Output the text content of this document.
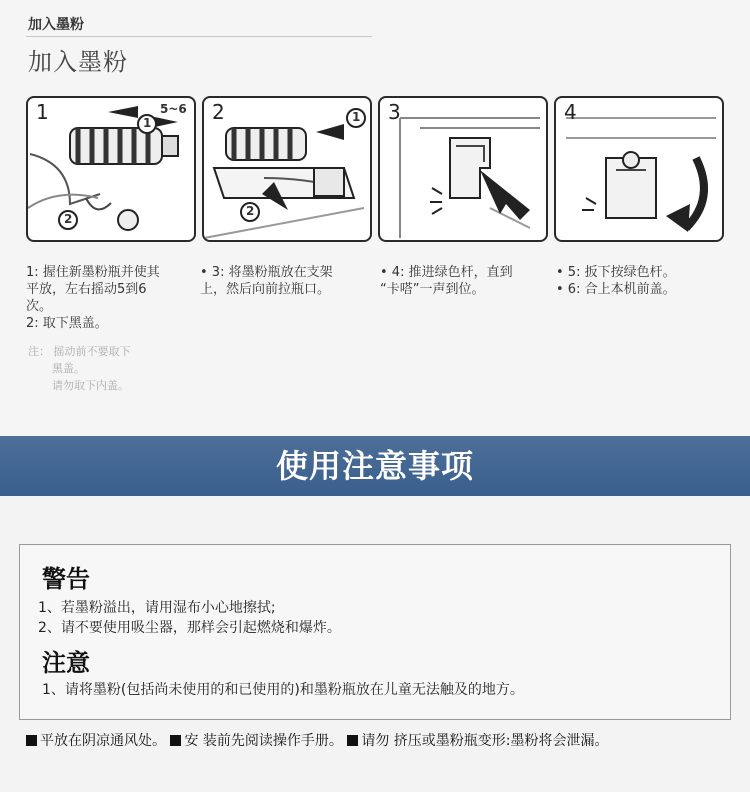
加入墨粉
加入墨粉
1	1
2
5~6 2	1
2
3	4
1: 握住新墨粉瓶并使其
平放，左右摇动5到6
次。
2: 取下黑盖。
• 3: 将墨粉瓶放在支架
上，然后向前拉瓶口。
• 4: 推进绿色杆，直到
“卡嗒”一声到位。
• 5: 扳下按绿色杆。
• 6: 合上本机前盖。
注： 摇动前不要取下
黑盖。
请勿取下内盖。
使用注意事项
警告
1、若墨粉溢出，请用湿布小心地擦拭;
2、请不要使用吸尘器，那样会引起燃烧和爆炸。
注意
1、请将墨粉(包括尚未使用的和已使用的)和墨粉瓶放在儿童无法触及的地方。
平放在阴凉通风处。 安 装前先阅读操作手册。 请勿 挤压或墨粉瓶变形:墨粉将会泄漏。
